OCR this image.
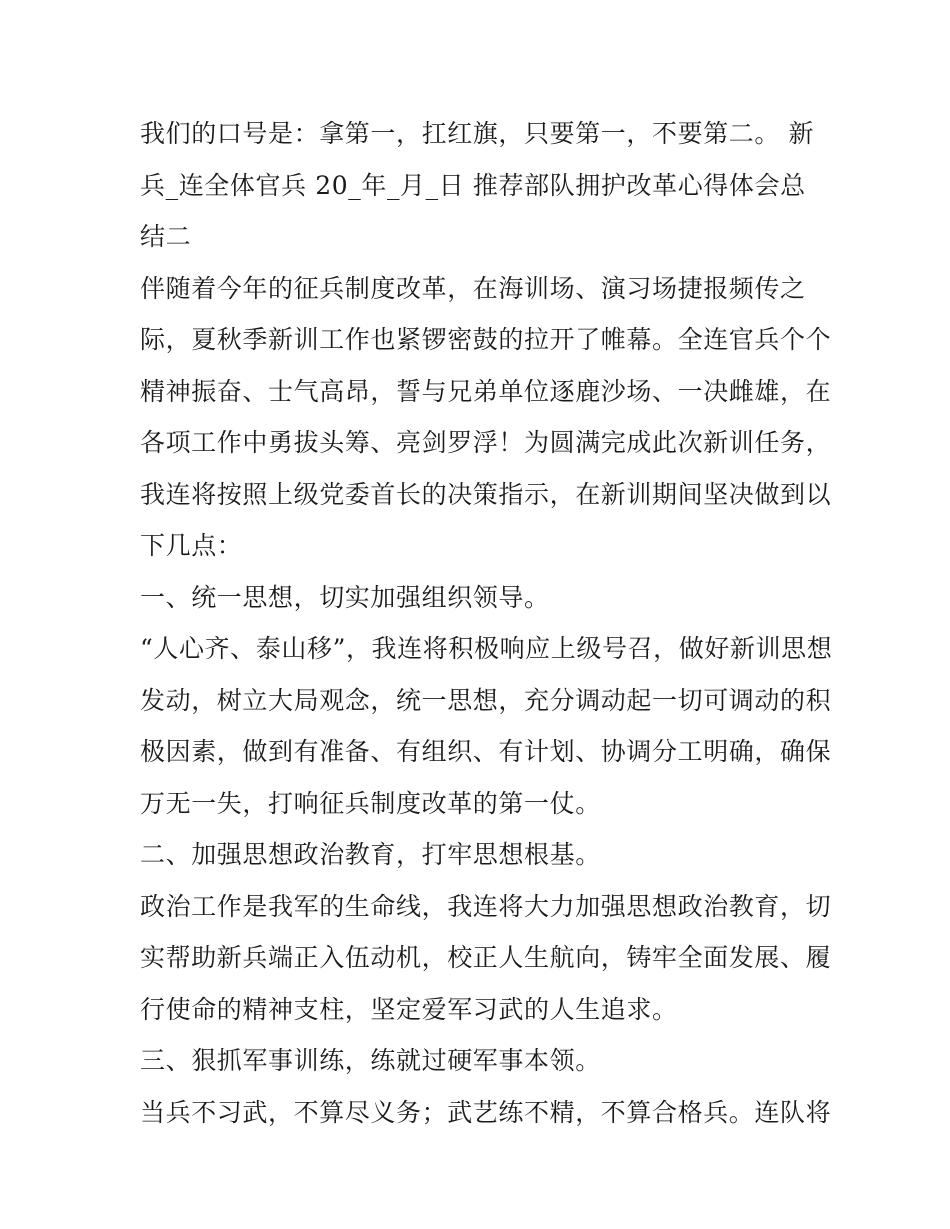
我们的口号是：拿第一，扛红旗，只要第一，不要第二。 新
兵_连全体官兵 20_年_月_日 推荐部队拥护改革心得体会总
结二
伴随着今年的征兵制度改革，在海训场、演习场捷报频传之
际，夏秋季新训工作也紧锣密鼓的拉开了帷幕。全连官兵个个
精神振奋、士气高昂，誓与兄弟单位逐鹿沙场、一决雌雄，在
各项工作中勇拔头筹、亮剑罗浮！为圆满完成此次新训任务，
我连将按照上级党委首长的决策指示，在新训期间坚决做到以
下几点：
一、统一思想，切实加强组织领导。
“人心齐、泰山移”，我连将积极响应上级号召，做好新训思想
发动，树立大局观念，统一思想，充分调动起一切可调动的积
极因素，做到有准备、有组织、有计划、协调分工明确，确保
万无一失，打响征兵制度改革的第一仗。
二、加强思想政治教育，打牢思想根基。
政治工作是我军的生命线，我连将大力加强思想政治教育，切
实帮助新兵端正入伍动机，校正人生航向，铸牢全面发展、履
行使命的精神支柱，坚定爱军习武的人生追求。
三、狠抓军事训练，练就过硬军事本领。
当兵不习武，不算尽义务；武艺练不精，不算合格兵。连队将
